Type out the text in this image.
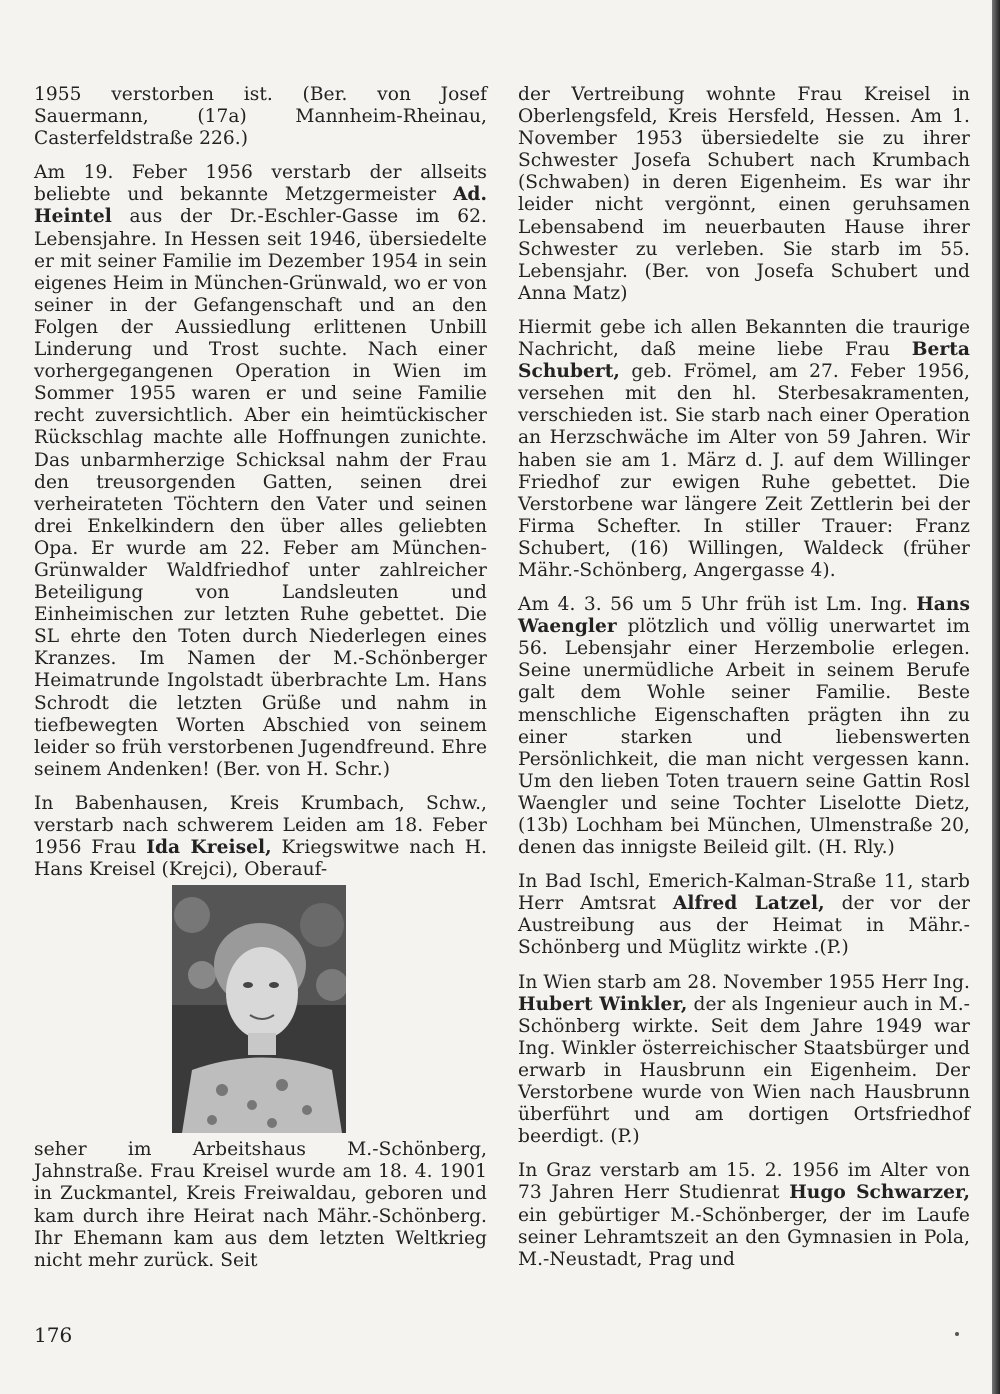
1955 verstorben ist. (Ber. von Josef Sauermann, (17a) Mannheim-Rheinau, Casterfeldstraße 226.)

Am 19. Feber 1956 verstarb der allseits beliebte und bekannte Metzgermeister Ad. Heintel aus der Dr.-Eschler-Gasse im 62. Lebensjahre. In Hessen seit 1946, übersiedelte er mit seiner Familie im Dezember 1954 in sein eigenes Heim in München-Grünwald, wo er von seiner in der Gefangenschaft und an den Folgen der Aussiedlung erlittenen Unbill Linderung und Trost suchte. Nach einer vorhergegangenen Operation in Wien im Sommer 1955 waren er und seine Familie recht zuversichtlich. Aber ein heimtückischer Rückschlag machte alle Hoffnungen zunichte. Das unbarmherzige Schicksal nahm der Frau den treusorgenden Gatten, seinen drei verheirateten Töchtern den Vater und seinen drei Enkelkindern den über alles geliebten Opa. Er wurde am 22. Feber am München-Grünwalder Waldfriedhof unter zahlreicher Beteiligung von Landsleuten und Einheimischen zur letzten Ruhe gebettet. Die SL ehrte den Toten durch Niederlegen eines Kranzes. Im Namen der M.-Schönberger Heimatrunde Ingolstadt überbrachte Lm. Hans Schrodt die letzten Grüße und nahm in tiefbewegten Worten Abschied von seinem leider so früh verstorbenen Jugendfreund. Ehre seinem Andenken! (Ber. von H. Schr.)

In Babenhausen, Kreis Krumbach, Schw., verstarb nach schwerem Leiden am 18. Feber 1956 Frau Ida Kreisel, Kriegswitwe nach H. Hans Kreisel (Krejci), Oberauf-

seher im Arbeitshaus M.-Schönberg, Jahnstraße. Frau Kreisel wurde am 18. 4. 1901 in Zuckmantel, Kreis Freiwaldau, geboren und kam durch ihre Heirat nach Mähr.-Schönberg. Ihr Ehemann kam aus dem letzten Weltkrieg nicht mehr zurück. Seit

der Vertreibung wohnte Frau Kreisel in Oberlengsfeld, Kreis Hersfeld, Hessen. Am 1. November 1953 übersiedelte sie zu ihrer Schwester Josefa Schubert nach Krumbach (Schwaben) in deren Eigenheim. Es war ihr leider nicht vergönnt, einen geruhsamen Lebensabend im neuerbauten Hause ihrer Schwester zu verleben. Sie starb im 55. Lebensjahr. (Ber. von Josefa Schubert und Anna Matz)

Hiermit gebe ich allen Bekannten die traurige Nachricht, daß meine liebe Frau Berta Schubert, geb. Frömel, am 27. Feber 1956, versehen mit den hl. Sterbesakramenten, verschieden ist. Sie starb nach einer Operation an Herzschwäche im Alter von 59 Jahren. Wir haben sie am 1. März d. J. auf dem Willinger Friedhof zur ewigen Ruhe gebettet. Die Verstorbene war längere Zeit Zettlerin bei der Firma Schefter. In stiller Trauer: Franz Schubert, (16) Willingen, Waldeck (früher Mähr.-Schönberg, Angergasse 4).

Am 4. 3. 56 um 5 Uhr früh ist Lm. Ing. Hans Waengler plötzlich und völlig unerwartet im 56. Lebensjahr einer Herzembolie erlegen. Seine unermüdliche Arbeit in seinem Berufe galt dem Wohle seiner Familie. Beste menschliche Eigenschaften prägten ihn zu einer starken und liebenswerten Persönlichkeit, die man nicht vergessen kann. Um den lieben Toten trauern seine Gattin Rosl Waengler und seine Tochter Liselotte Dietz, (13b) Lochham bei München, Ulmenstraße 20, denen das innigste Beileid gilt. (H. Rly.)

In Bad Ischl, Emerich-Kalman-Straße 11, starb Herr Amtsrat Alfred Latzel, der vor der Austreibung aus der Heimat in Mähr.-Schönberg und Müglitz wirkte .(P.)

In Wien starb am 28. November 1955 Herr Ing. Hubert Winkler, der als Ingenieur auch in M.-Schönberg wirkte. Seit dem Jahre 1949 war Ing. Winkler österreichischer Staatsbürger und erwarb in Hausbrunn ein Eigenheim. Der Verstorbene wurde von Wien nach Hausbrunn überführt und am dortigen Ortsfriedhof beerdigt. (P.)

In Graz verstarb am 15. 2. 1956 im Alter von 73 Jahren Herr Studienrat Hugo Schwarzer, ein gebürtiger M.-Schönberger, der im Laufe seiner Lehramtszeit an den Gymnasien in Pola, M.-Neustadt, Prag und

176
